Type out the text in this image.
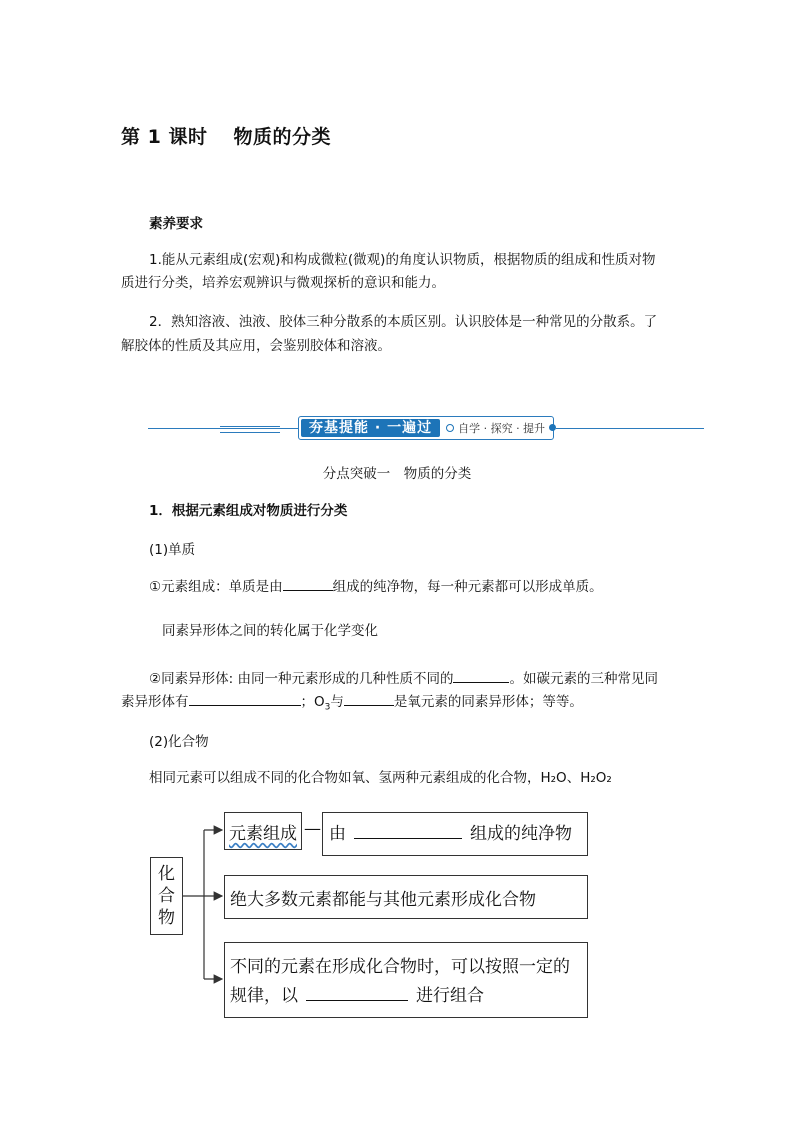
第 1 课时 物质的分类
素养要求
1.能从元素组成(宏观)和构成微粒(微观)的角度认识物质，根据物质的组成和性质对物
质进行分类，培养宏观辨识与微观探析的意识和能力。
2．熟知溶液、浊液、胶体三种分散系的本质区别。认识胶体是一种常见的分散系。了
解胶体的性质及其应用，会鉴别胶体和溶液。
夯基提能 · 一遍过	自学 · 探究 · 提升
分点突破一　物质的分类
1．根据元素组成对物质进行分类
(1)单质
①元素组成：单质是由	组成的纯净物，每一种元素都可以形成单质。
同素异形体之间的转化属于化学变化
②同素异形体: 由同一种元素形成的几种性质不同的	。如碳元素的三种常见同
素异形体有	；$O_3$与	是氧元素的同素异形体；等等。
(2)化合物
相同元素可以组成不同的化合物如氧、氢两种元素组成的化合物，H₂O、H₂O₂
化
合
物
元素组成 — 由	组成的纯净物
绝大多数元素都能与其他元素形成化合物
不同的元素在形成化合物时，可以按照一定的
规律，以	进行组合
